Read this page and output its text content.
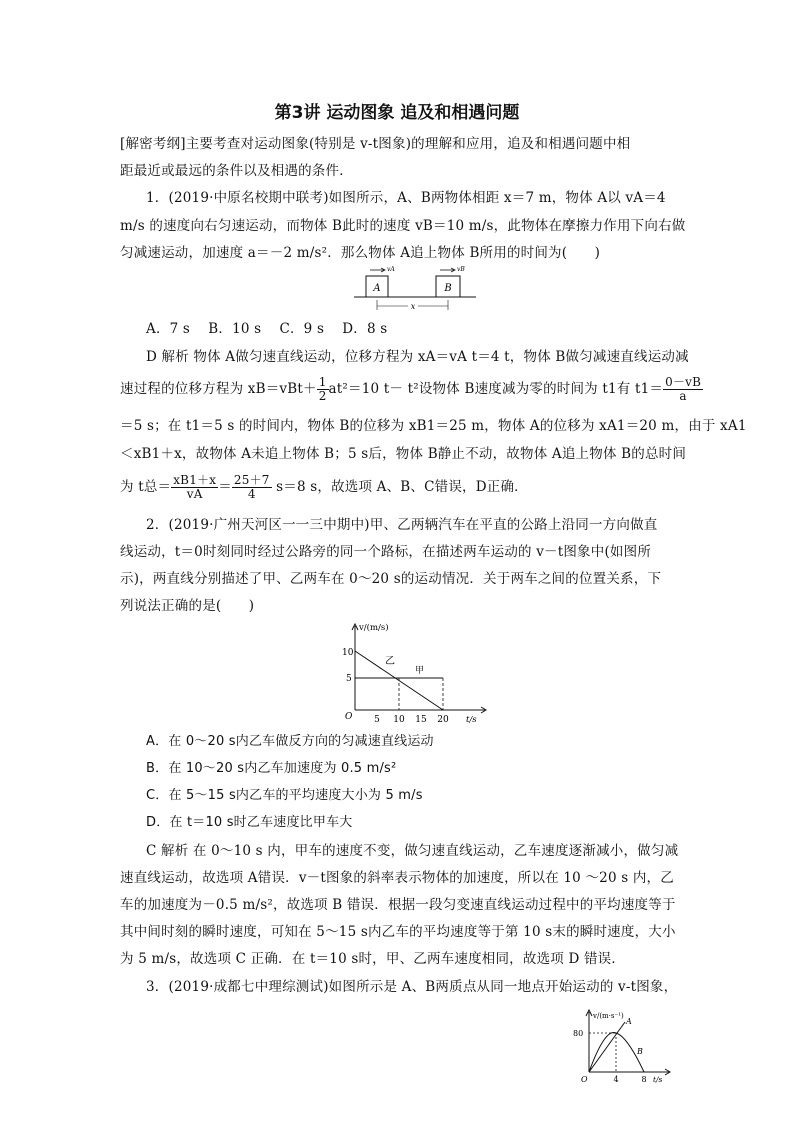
第3讲 运动图象 追及和相遇问题
[解密考纲]主要考查对运动图象(特别是 v-t图象)的理解和应用，追及和相遇问题中相
距最近或最远的条件以及相遇的条件．
1．(2019·中原名校期中联考)如图所示，A、B两物体相距 x＝7 m，物体 A以 vA＝4
m/s 的速度向右匀速运动，而物体 B此时的速度 vB＝10 m/s，此物体在摩擦力作用下向右做
匀减速运动，加速度 a＝－2 m/s²．那么物体 A追上物体 B所用的时间为(　　)
A	B
vA	vB
x
A．7 s　 B．10 s　 C．9 s　 D．8 s
D 解析 物体 A做匀速直线运动，位移方程为 xA＝vA t＝4 t，物体 B做匀减速直线运动减
速过程的位移方程为 $xB=vBt+ \frac{1}{2} at^2=10$ t－ t²设物体 B速度减为零的时间为 t1有 $t1= \frac{0-vB}{a}$
＝5 s；在 t1＝5 s 的时间内，物体 B的位移为 xB1＝25 m，物体 A的位移为 xA1＝20 m，由于 xA1
＜xB1＋x，故物体 A未追上物体 B；5 s后，物体 B静止不动，故物体 A追上物体 B的总时间
为 t总＝ $\frac{xB1+x}{vA} = \frac{25+7}{4} s=8$ s，故选项 A、B、C错误，D正确．
2．(2019·广州天河区一一三中期中)甲、乙两辆汽车在平直的公路上沿同一方向做直
线运动，t＝0时刻同时经过公路旁的同一个路标，在描述两车运动的 v－t图象中(如图所
示)，两直线分别描述了甲、乙两车在 0～20 s的运动情况．关于两车之间的位置关系，下
列说法正确的是(　　)
v/(m/s)
t/s
O
10
5
5 10 15 20
乙
甲
A．在 0～20 s内乙车做反方向的匀减速直线运动
B．在 10～20 s内乙车加速度为 0.5 m/s²
C．在 5～15 s内乙车的平均速度大小为 5 m/s
D．在 t＝10 s时乙车速度比甲车大
C 解析 在 0～10 s 内，甲车的速度不变，做匀速直线运动，乙车速度逐渐减小，做匀减
速直线运动，故选项 A错误．v－t图象的斜率表示物体的加速度，所以在 10 ～20 s 内，乙
车的加速度为－0.5 m/s²，故选项 B 错误．根据一段匀变速直线运动过程中的平均速度等于
其中间时刻的瞬时速度，可知在 5～15 s内乙车的平均速度等于第 10 s末的瞬时速度，大小
为 5 m/s，故选项 C 正确．在 t＝10 s时，甲、乙两车速度相同，故选项 D 错误．
3．(2019·成都七中理综测试)如图所示是 A、B两质点从同一地点开始运动的 v-t图象，
v/(m·s⁻¹)
t/s
O
80
4	8
A
B
